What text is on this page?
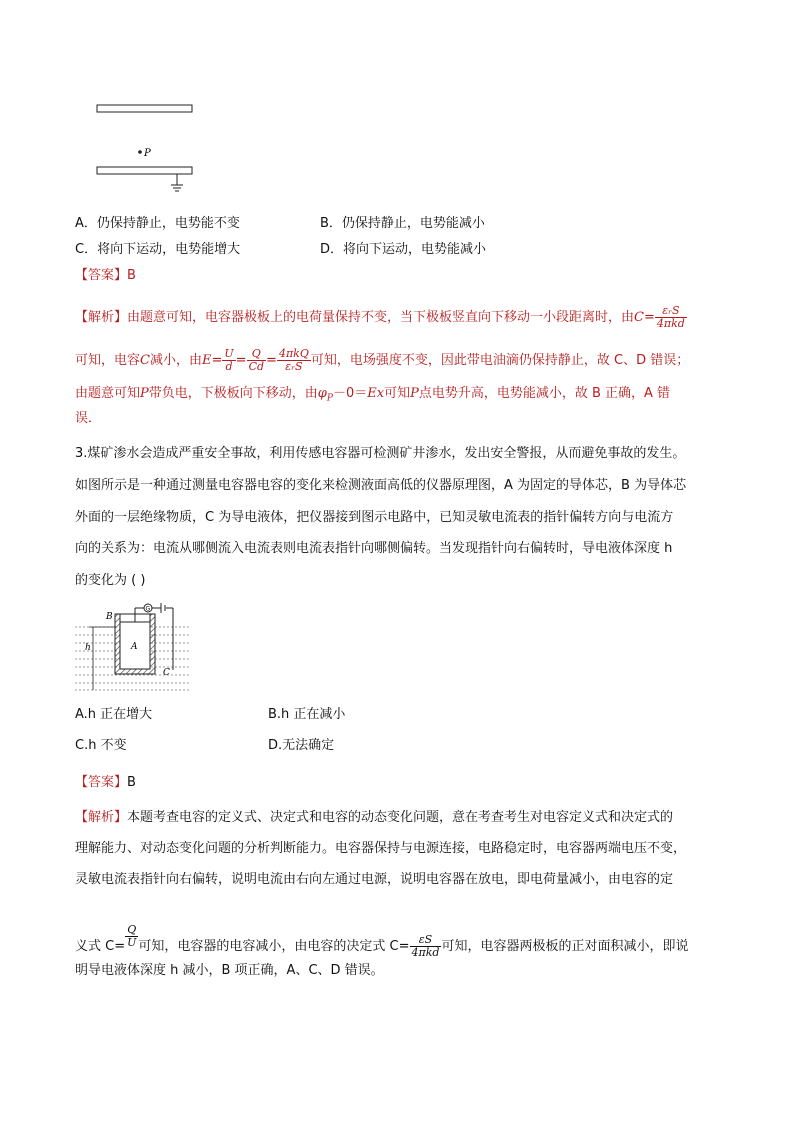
P
A．仍保持静止，电势能不变	B．仍保持静止，电势能减小
C．将向下运动，电势能增大	D．将向下运动，电势能减小
【答案】B
【解析】由题意可知，电容器极板上的电荷量保持不变，当下极板竖直向下移动一小段距离时，由$C= \frac{\text{εᵣS}}{\text{4πkd}}$
可知，电容C减小，由$E= \frac{U}{d} = \frac{Q}{Cd} = \frac{\text{4πkQ}}{\text{εᵣS}}$ 可知，电场强度不变，因此带电油滴仍保持静止，故 C、D 错误；
由题意可知P带负电，下极板向下移动，由$\varphi_P-0=Ex$可知P点电势升高，电势能减小，故 B 正确，A 错
误．
3.煤矿渗水会造成严重安全事故，利用传感电容器可检测矿井渗水，发出安全警报，从而避免事故的发生。
如图所示是一种通过测量电容器电容的变化来检测液面高低的仪器原理图，A 为固定的导体芯，B 为导体芯
外面的一层绝缘物质，C 为导电液体，把仪器接到图示电路中，已知灵敏电流表的指针偏转方向与电流方
向的关系为：电流从哪侧流入电流表则电流表指针向哪侧偏转。当发现指针向右偏转时，导电液体深度 h
的变化为 ( )
A
B
C
h
G
A.h 正在增大	B.h 正在减小
C.h 不变	D.无法确定
【答案】B
【解析】本题考查电容的定义式、决定式和电容的动态变化问题，意在考查考生对电容定义式和决定式的
理解能力、对动态变化问题的分析判断能力。电容器保持与电源连接，电路稳定时，电容器两端电压不变，
灵敏电流表指针向右偏转，说明电流由右向左通过电源，说明电容器在放电，即电荷量减小，由电容的定
义式 $C= \frac{Q}{U}$ 可知，电容器的电容减小，由电容的决定式 $C= \frac{\varepsilon S}{\text{4πkd}}$ 可知，电容器两极板的正对面积减小，即说
明导电液体深度 h 减小，B 项正确，A、C、D 错误。
